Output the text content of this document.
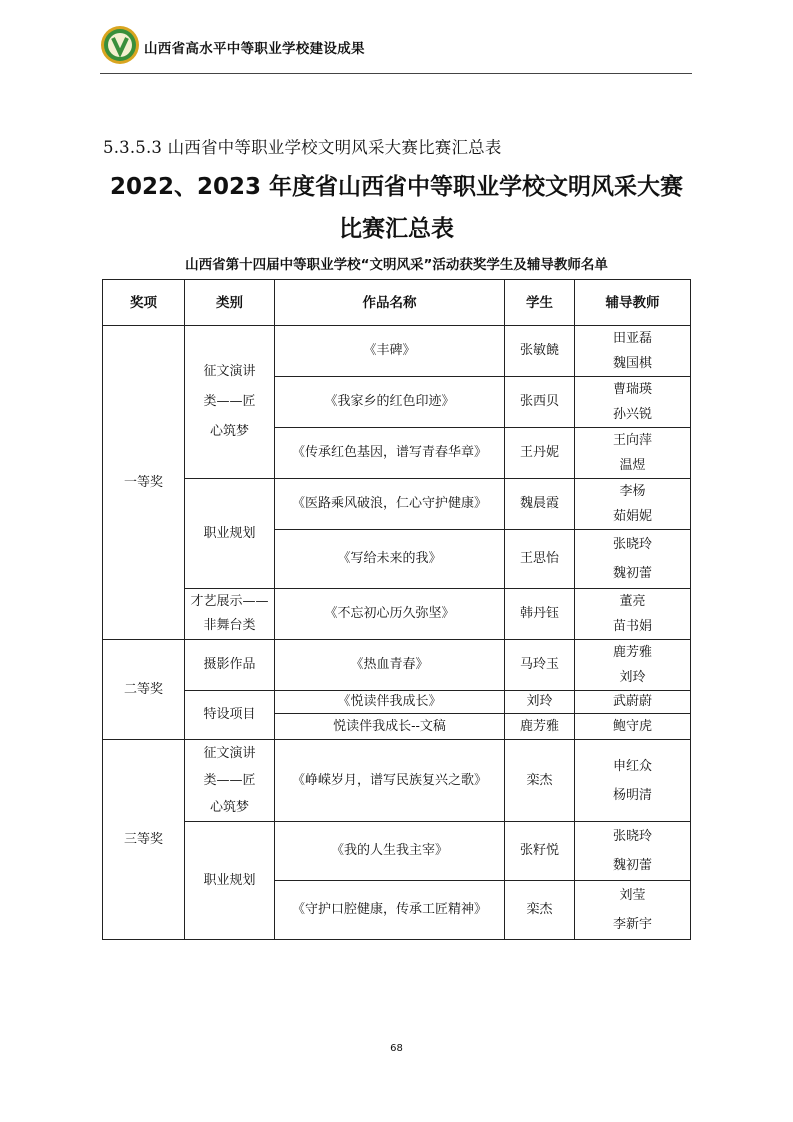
山西省高水平中等职业学校建设成果
5.3.5.3 山西省中等职业学校文明风采大赛比赛汇总表
2022、2023 年度省山西省中等职业学校文明风采大赛比赛汇总表
山西省第十四届中等职业学校“文明风采”活动获奖学生及辅导教师名单
奖项	类别	作品名称	学生	辅导教师
一等奖	征文演讲类——匠心筑梦	《丰碑》	张敏饒	田亚磊
魏国棋

		《我家乡的红色印迹》	张西贝	曹瑞瑛
孙兴锐

		《传承红色基因，谱写青春华章》	王丹妮	王向萍
温煜

	职业规划	《医路乘风破浪，仁心守护健康》	魏晨霞	李杨
茹娟妮

		《写给未来的我》	王思怡	张晓玲
魏初蕾

	才艺展示——非舞台类	《不忘初心历久弥坚》	韩丹钰	董亮
苗书娟

二等奖	摄影作品	《热血青春》	马玲玉	鹿芳雅
刘玲

	特设项目	《悦读伴我成长》	刘玲	武蔚蔚
		悦读伴我成长--文稿	鹿芳雅	鲍守虎
三等奖	征文演讲类——匠心筑梦	《峥嵘岁月，谱写民族复兴之歌》	栾杰	申红众
杨明清

	职业规划	《我的人生我主宰》	张籽悦	张晓玲
魏初蕾

		《守护口腔健康，传承工匠精神》	栾杰	刘莹
李新宇
68
